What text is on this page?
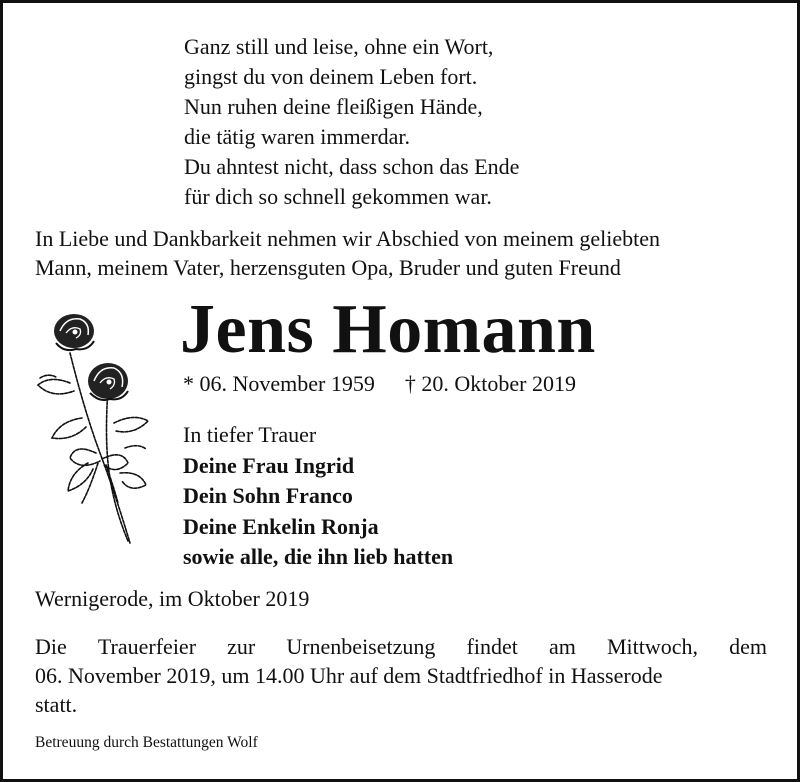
Ganz still und leise, ohne ein Wort,
gingst du von deinem Leben fort.
Nun ruhen deine fleißigen Hände,
die tätig waren immerdar.
Du ahntest nicht, dass schon das Ende
für dich so schnell gekommen war.
In Liebe und Dankbarkeit nehmen wir Abschied von meinem geliebten
Mann, meinem Vater, herzensguten Opa, Bruder und guten Freund
Jens Homann
* 06. November 1959 † 20. Oktober 2019
In tiefer Trauer
Deine Frau Ingrid
Dein Sohn Franco
Deine Enkelin Ronja
sowie alle, die ihn lieb hatten
Wernigerode, im Oktober 2019
Die Trauerfeier zur Urnenbeisetzung findet am Mittwoch, dem
06. November 2019, um 14.00 Uhr auf dem Stadtfriedhof in Hasserode
statt.
Betreuung durch Bestattungen Wolf
